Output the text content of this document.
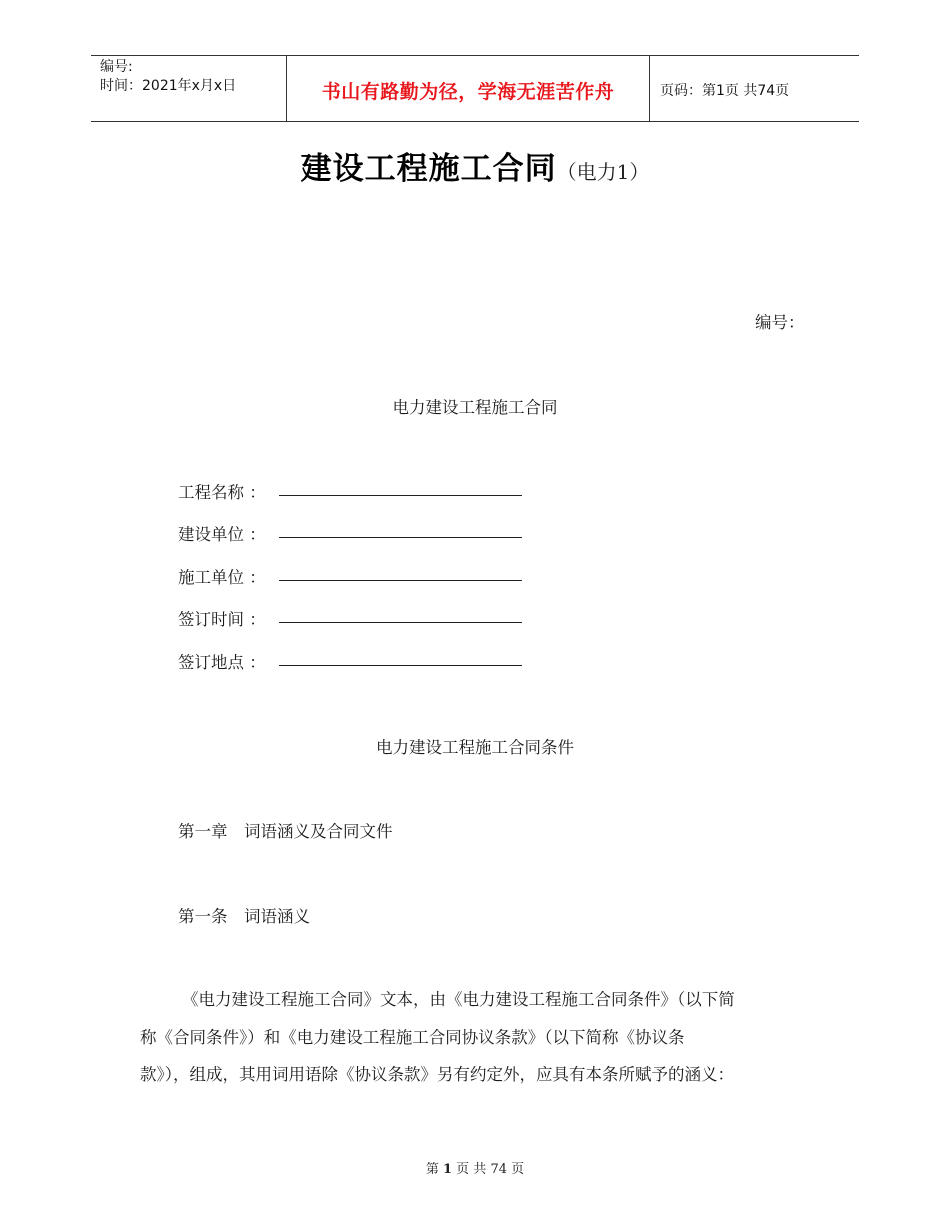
编号:
时间：2021年x月x日	书山有路勤为径，学海无涯苦作舟	页码：第1页 共74页
建设工程施工合同（电力1）
编号：
电力建设工程施工合同
工程名称 ：
建设单位 ：
施工单位 ：
签订时间 ：
签订地点 ：
电力建设工程施工合同条件
第一章　词语涵义及合同文件
第一条　词语涵义
《电力建设工程施工合同》文本，由《电力建设工程施工合同条件》（以下简
称《合同条件》）和《电力建设工程施工合同协议条款》（以下简称《协议条
款》），组成，其用词用语除《协议条款》另有约定外，应具有本条所赋予的涵义：
第 1 页 共 74 页
